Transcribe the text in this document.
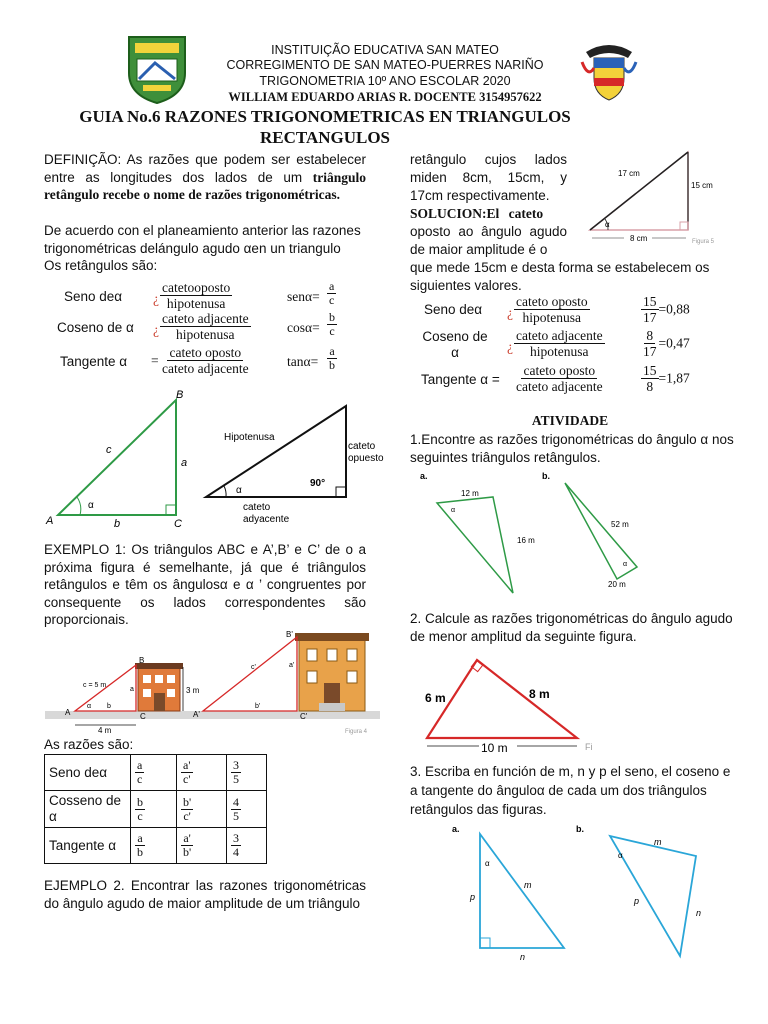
INSTITUIÇÃO EDUCATIVA SAN MATEO
CORREGIMENTO DE SAN MATEO-PUERRES NARIÑO
TRIGONOMETRIA 10º ANO ESCOLAR 2020
WILLIAM EDUARDO ARIAS R. DOCENTE 3154957622
GUIA No.6 RAZONES TRIGONOMETRICAS EN TRIANGULOS
RECTANGULOS
DEFINIÇÃO: As razões que podem ser estabelecer entre as longitudes dos lados de um triângulo retângulo recebe o nome de razões trigonométricas.
De acuerdo con el planeamiento anterior las razones trigonométricas delángulo agudo αen un triangulo
Os retângulos são:
Seno deα ¿ $\frac{\text{catetooposto}}{\text{hipotenusa}}$	$sen\alpha= \frac{a}{c}$
Coseno de α ¿ $\frac{\text{cateto adjacente}}{\text{hipotenusa}}$	$\cos\alpha= \frac{b}{c}$
Tangente $\alpha = \frac{\text{cateto oposto}}{\text{cateto adjacente}}$	$\tan\alpha= \frac{a}{b}$
B
A	C
a
b
c
α
Hipotenusa
cateto
opuesto
cateto
adyacente
90°
α
EXEMPLO 1: Os triângulos ABC e A’,B’ e C’ de o a próxima figura é semelhante, já que é triângulos retângulos e têm os ângulosα e α ’ congruentes por consequente os lados correspondentes são proporcionais.
B
A	C
c = 5 m
a
b
α
3 m
4 m
B'
A'	C'
c'	a'
b'
Figura 4
As razões são:
Seno deα	$\frac{a}{c}$	$\frac{a'}{c'}$	$\frac{3}{5}$

Cosseno de α	$\frac{b}{c}$	$\frac{b'}{c'}$	$\frac{4}{5}$

Tangente α	$\frac{a}{b}$	$\frac{a'}{b'}$	$\frac{3}{4}$
EJEMPLO 2. Encontrar las razones trigonométricas do ângulo agudo de maior amplitude de um triângulo
retângulo cujos lados miden 8cm, 15cm, y 17cm respectivamente.
SOLUCION:El cateto
oposto ao ângulo agudo de maior amplitude é o
que mede 15cm e desta forma se estabelecem os siguientes valores.
17 cm
15 cm
8 cm
α
Figura 5
Seno deα ¿ $\frac{\text{cateto oposto}}{\text{hipotenusa}}$	$\frac{15}{17} =0,88$
Coseno de
α	¿ $\frac{\text{cateto adjacente}}{\text{hipotenusa}}$	$\frac{8}{17} =0,47$
Tangente $\alpha = \frac{\text{cateto oposto}}{\text{cateto adjacente}}$	$\frac{15}{8} =1,87$
ATIVIDADE
1.Encontre as razões trigonométricas do ângulo α nos seguintes triângulos retângulos.
a.
12 m
16 m
α
b.
52 m
20 m
α
2. Calcule as razões trigonométricas do ângulo agudo de menor amplitud da seguinte figura.
6 m	8 m
10 m	Fi
3. Escriba en función de m, n y p el seno, el coseno e a tangente do ânguloα de cada um dos triângulos retângulos das figuras.
a.
p
m
n
α
b.
m
n
p
α
